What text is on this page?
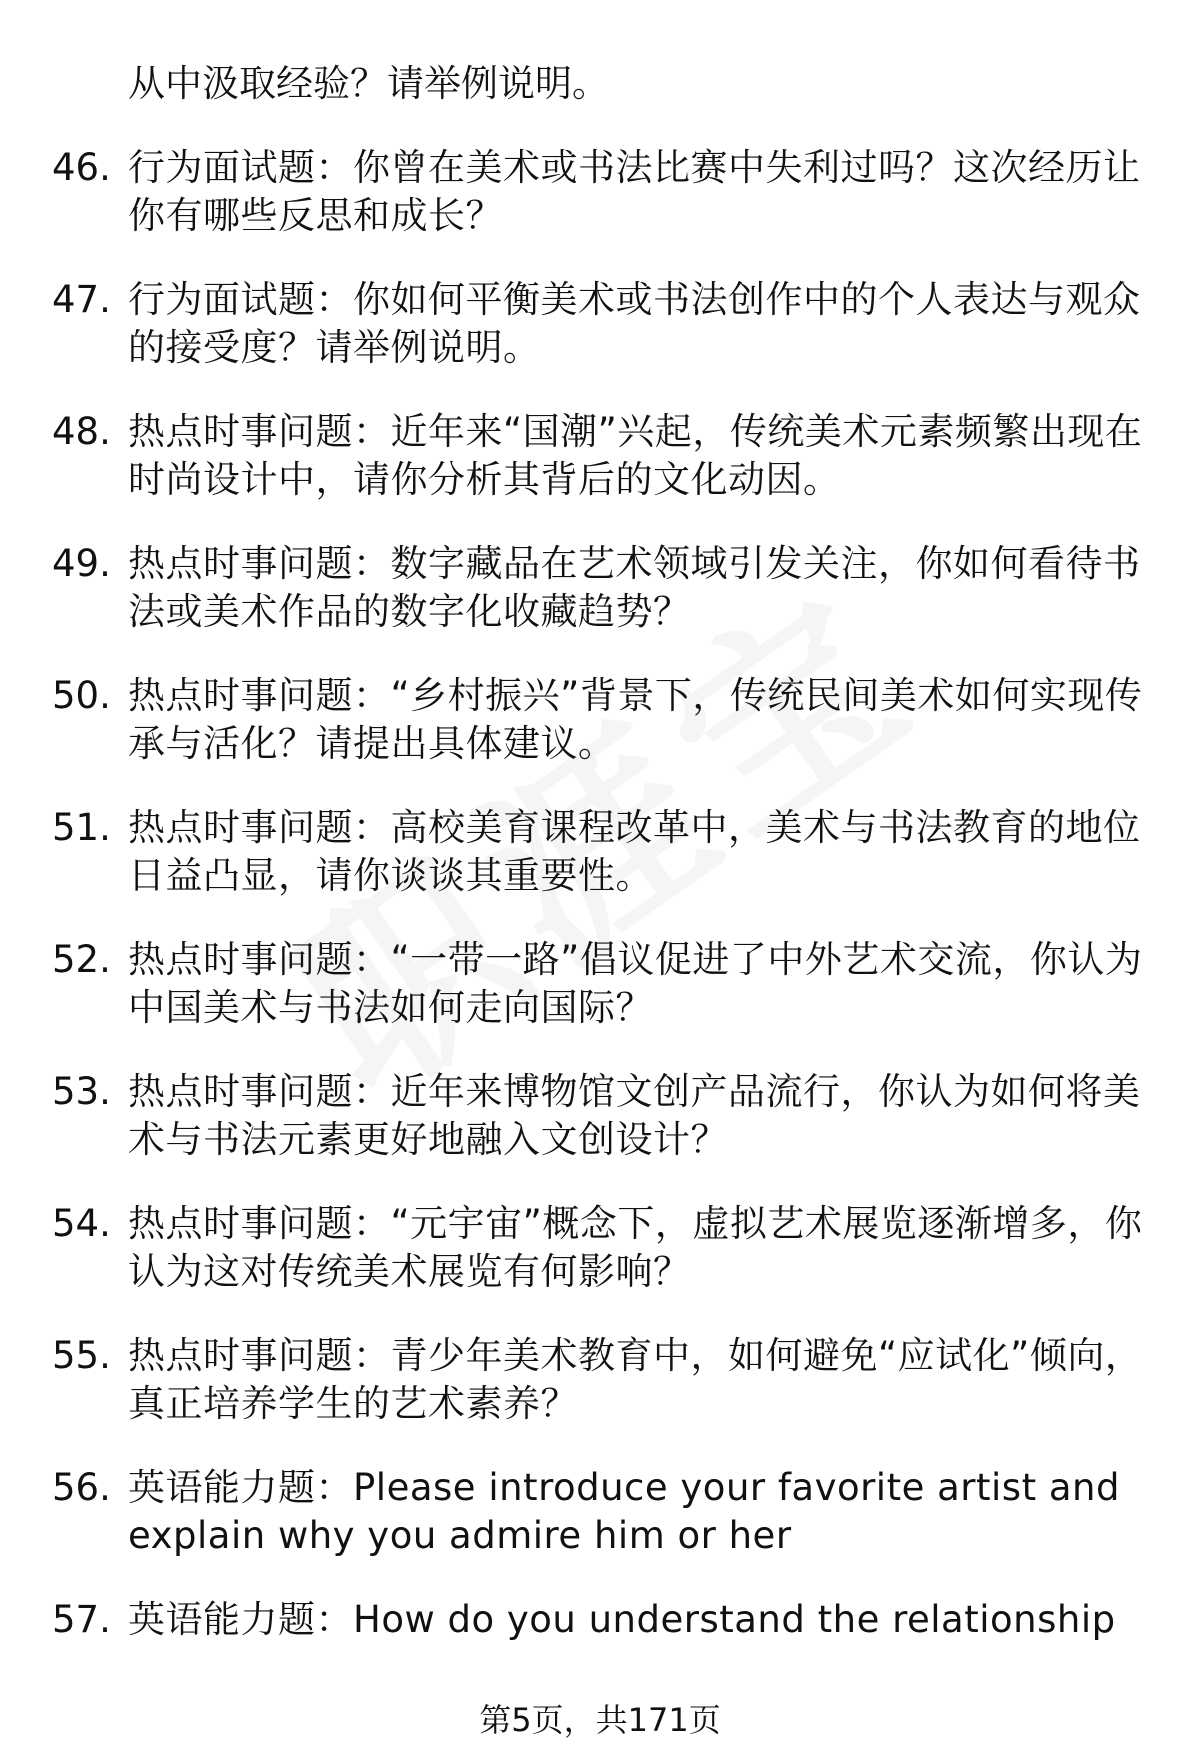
从中汲取经验？请举例说明。
46. 行为面试题：你曾在美术或书法比赛中失利过吗？这次经历让你有哪些反思和成长？
47. 行为面试题：你如何平衡美术或书法创作中的个人表达与观众的接受度？请举例说明。
48. 热点时事问题：近年来“国潮”兴起，传统美术元素频繁出现在时尚设计中，请你分析其背后的文化动因。
49. 热点时事问题：数字藏品在艺术领域引发关注，你如何看待书法或美术作品的数字化收藏趋势？
50. 热点时事问题：“乡村振兴”背景下，传统民间美术如何实现传承与活化？请提出具体建议。
51. 热点时事问题：高校美育课程改革中，美术与书法教育的地位日益凸显，请你谈谈其重要性。
52. 热点时事问题：“一带一路”倡议促进了中外艺术交流，你认为中国美术与书法如何走向国际？
53. 热点时事问题：近年来博物馆文创产品流行，你认为如何将美术与书法元素更好地融入文创设计？
54. 热点时事问题：“元宇宙”概念下，虚拟艺术展览逐渐增多，你认为这对传统美术展览有何影响？
55. 热点时事问题：青少年美术教育中，如何避免“应试化”倾向，真正培养学生的艺术素养？
56. 英语能力题：Please introduce your favorite artist and explain why you admire him or her
57. 英语能力题：How do you understand the relationship
第5页，共171页
